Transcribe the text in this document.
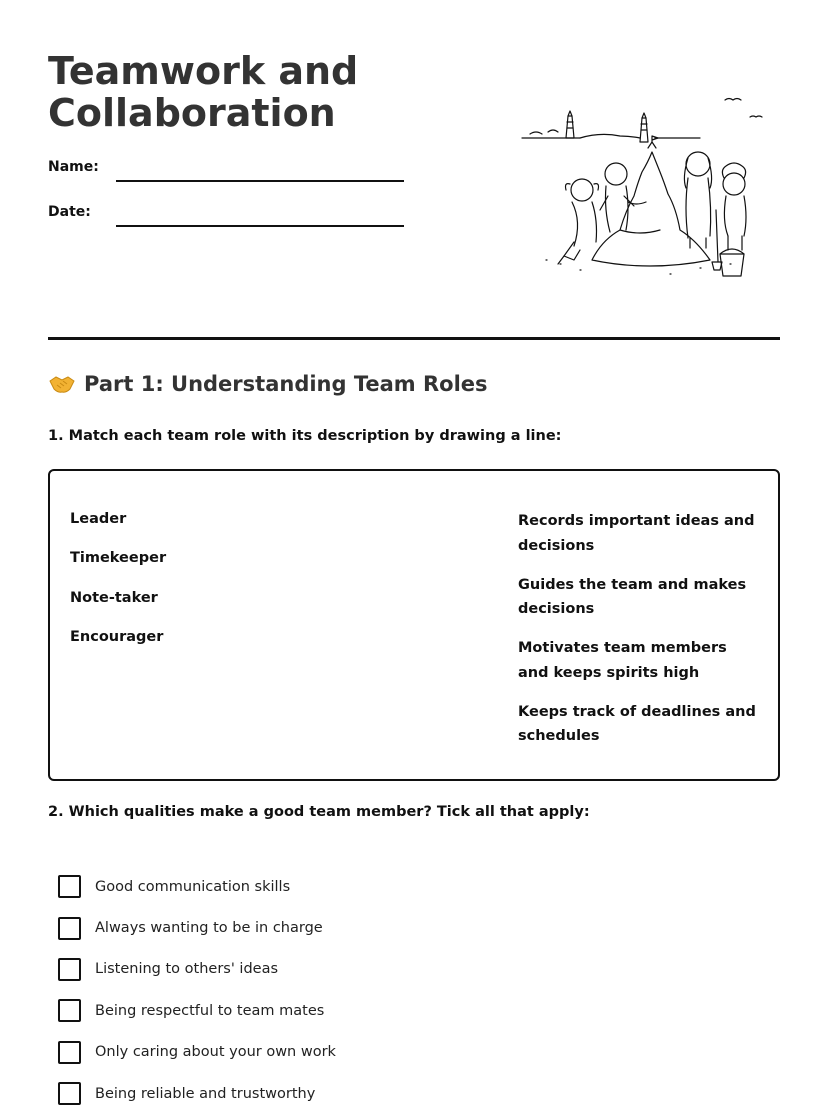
Teamwork and Collaboration
Name:
Date:
Part 1: Understanding Team Roles

1. Match each team role with its description by drawing a line:

Leader
Timekeeper
Note-taker
Encourager
Records important ideas and decisions
Guides the team and makes decisions
Motivates team members and keeps spirits high
Keeps track of deadlines and schedules

2. Which qualities make a good team member? Tick all that apply:

Good communication skills
Always wanting to be in charge
Listening to others' ideas
Being respectful to team mates
Only caring about your own work
Being reliable and trustworthy
